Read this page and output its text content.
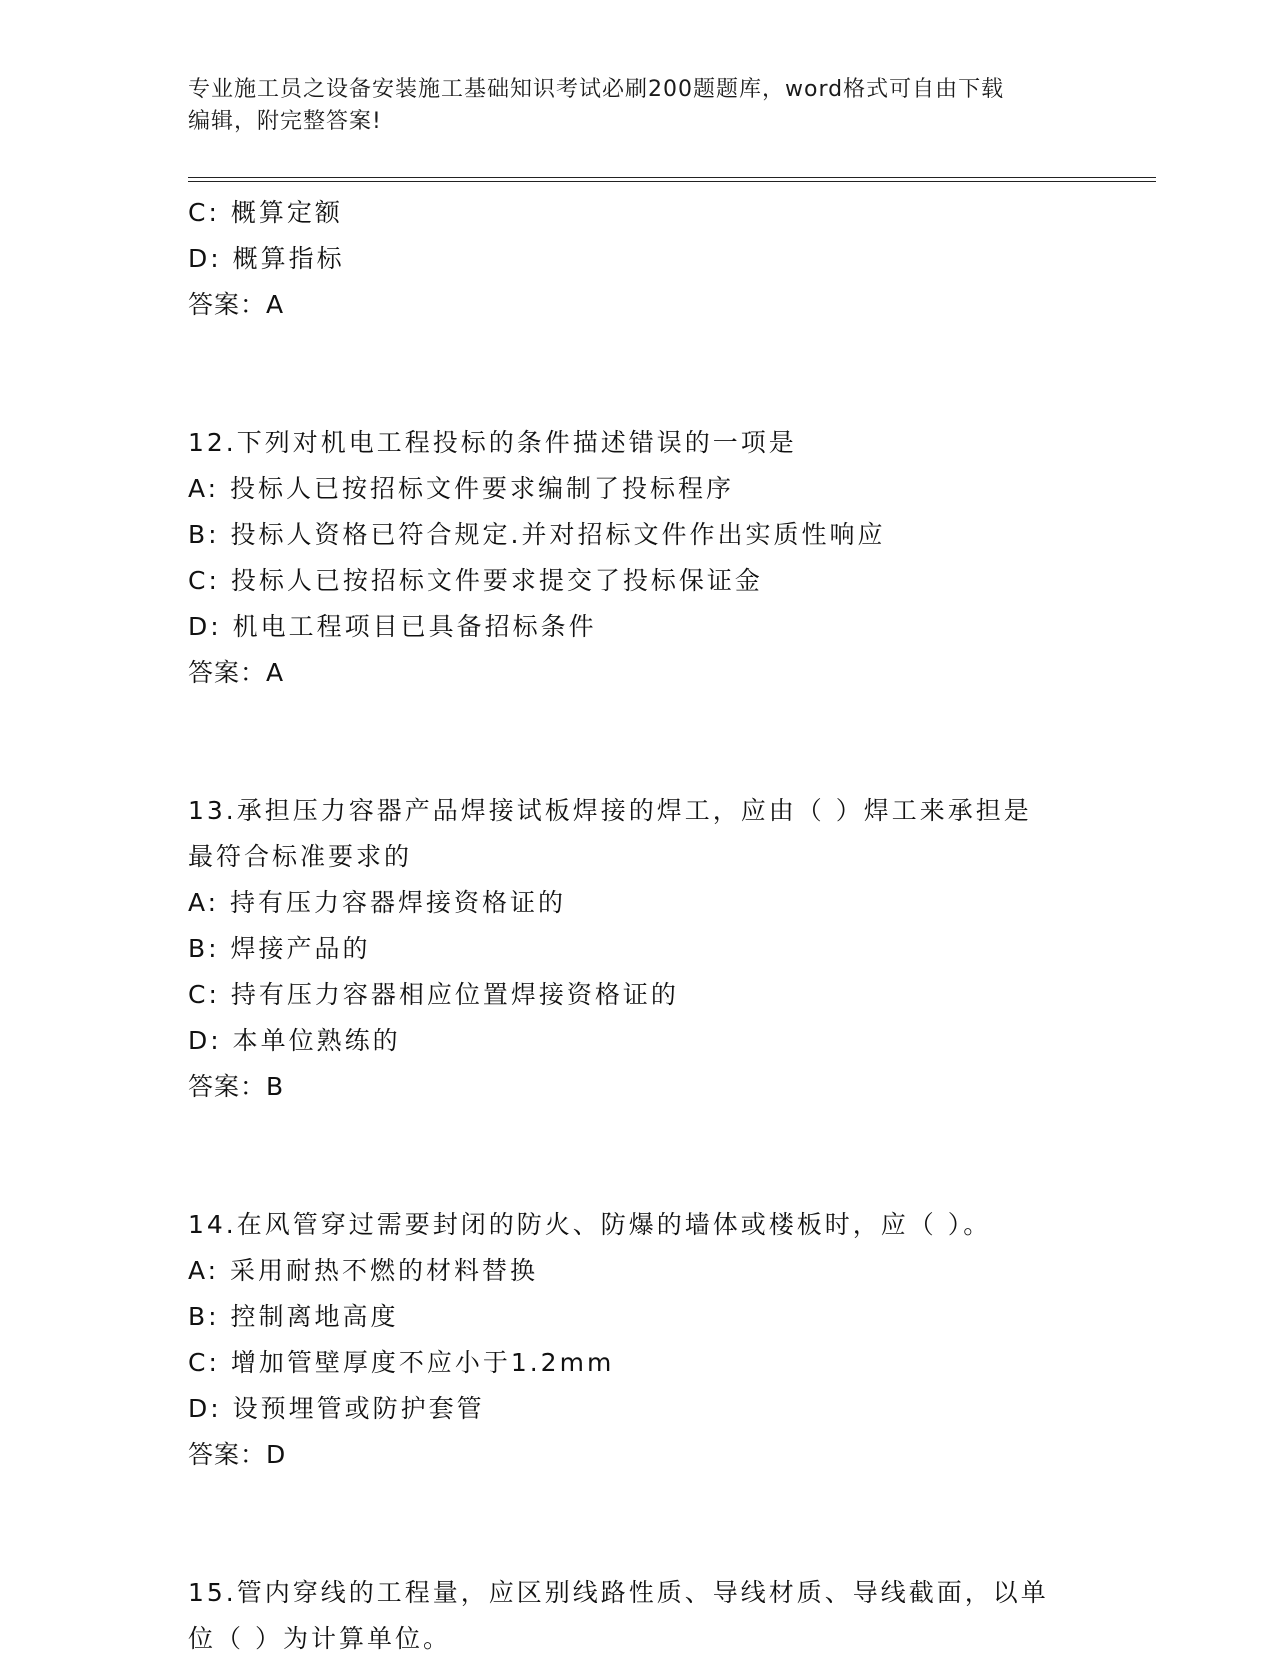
专业施工员之设备安装施工基础知识考试必刷200题题库，word格式可自由下载
编辑，附完整答案!
C: 概算定额
D: 概算指标
答案：A
12.下列对机电工程投标的条件描述错误的一项是
A: 投标人已按招标文件要求编制了投标程序
B: 投标人资格已符合规定.并对招标文件作出实质性响应
C: 投标人已按招标文件要求提交了投标保证金
D: 机电工程项目已具备招标条件
答案：A
13.承担压力容器产品焊接试板焊接的焊工，应由（ ）焊工来承担是
最符合标准要求的
A: 持有压力容器焊接资格证的
B: 焊接产品的
C: 持有压力容器相应位置焊接资格证的
D: 本单位熟练的
答案：B
14.在风管穿过需要封闭的防火、防爆的墙体或楼板时，应（ ）。
A: 采用耐热不燃的材料替换
B: 控制离地高度
C: 增加管壁厚度不应小于1.2mm
D: 设预埋管或防护套管
答案：D
15.管内穿线的工程量，应区别线路性质、导线材质、导线截面，以单
位（ ）为计算单位。
